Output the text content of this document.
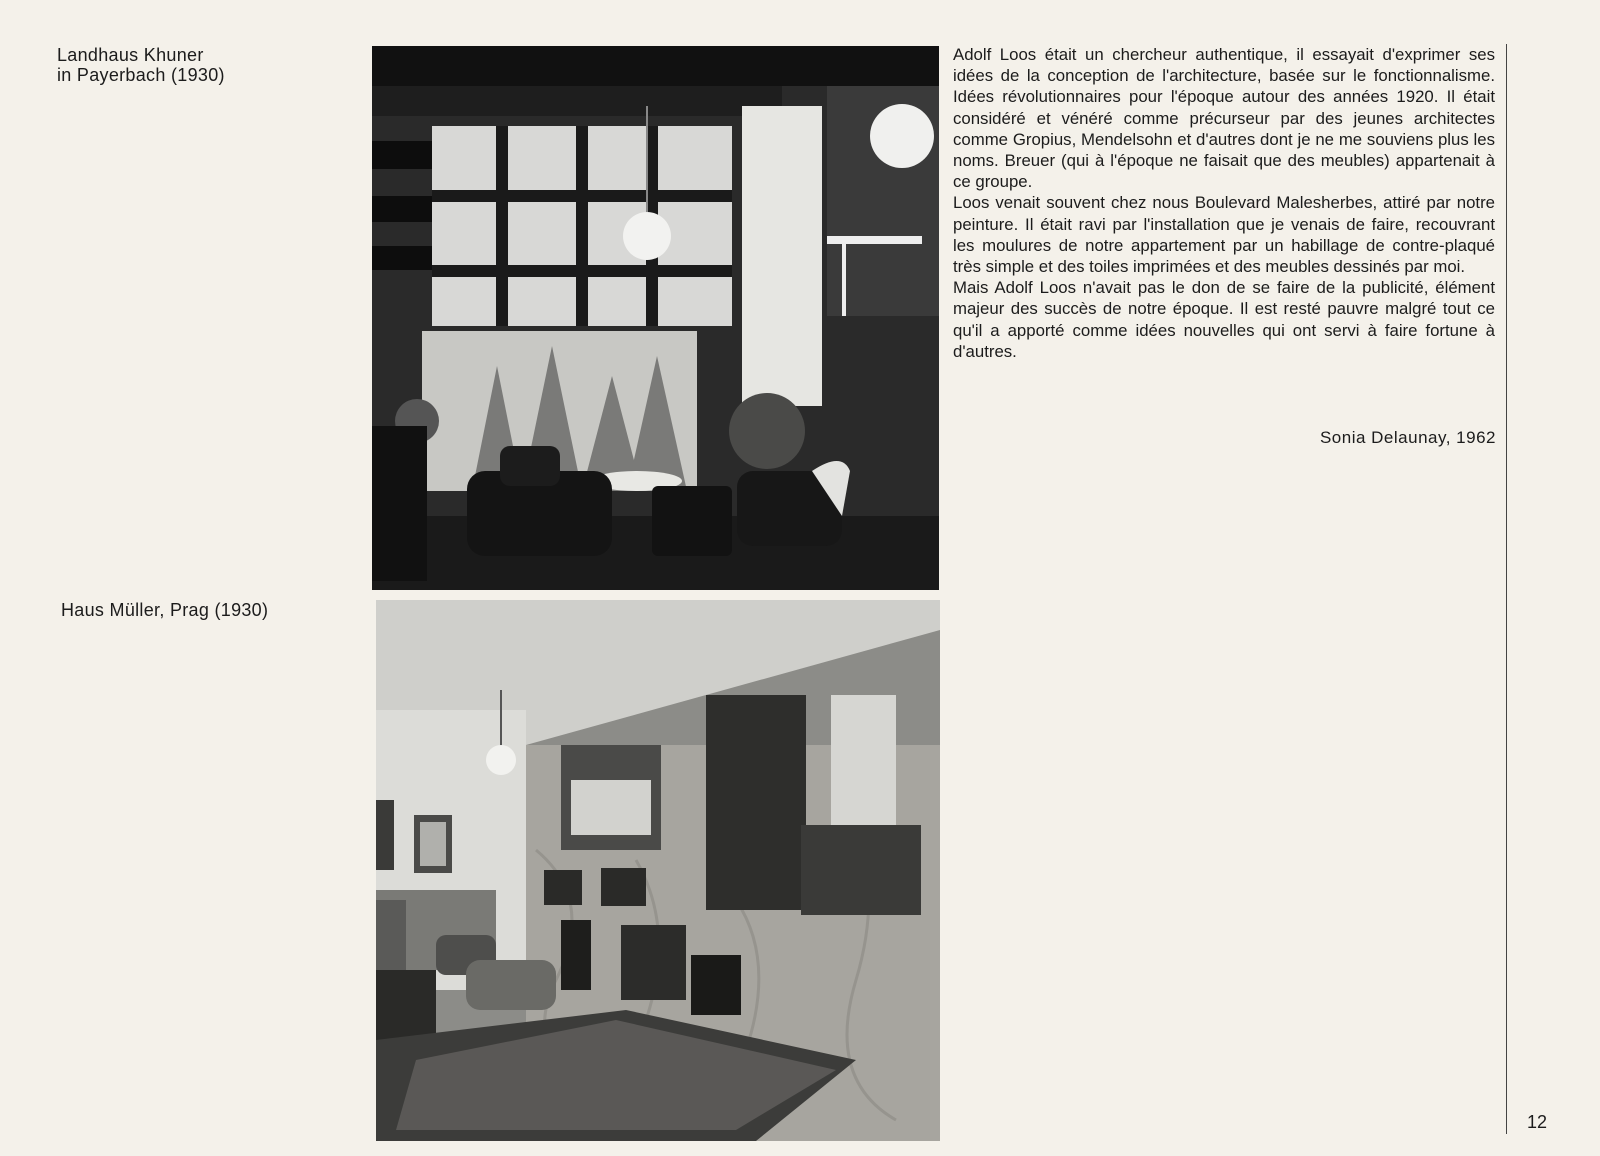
Landhaus Khuner
in Payerbach (1930)
Haus Müller, Prag (1930)

Adolf Loos était un chercheur authentique, il essayait d'exprimer ses idées de la conception de l'architecture, basée sur le fonctionnalisme. Idées révolutionnaires pour l'époque autour des années 1920. Il était considéré et vénéré comme précurseur par des jeunes architectes comme Gropius, Mendelsohn et d'autres dont je ne me souviens plus les noms. Breuer (qui à l'époque ne faisait que des meubles) appartenait à ce groupe.

Loos venait souvent chez nous Boulevard Malesherbes, attiré par notre peinture. Il était ravi par l'installation que je venais de faire, recouvrant les moulures de notre appartement par un habillage de contre-plaqué très simple et des toiles imprimées et des meubles dessinés par moi.

Mais Adolf Loos n'avait pas le don de se faire de la publicité, élément majeur des succès de notre époque. Il est resté pauvre malgré tout ce qu'il a apporté comme idées nouvelles qui ont servi à faire fortune à d'autres.

Sonia Delaunay, 1962
12
